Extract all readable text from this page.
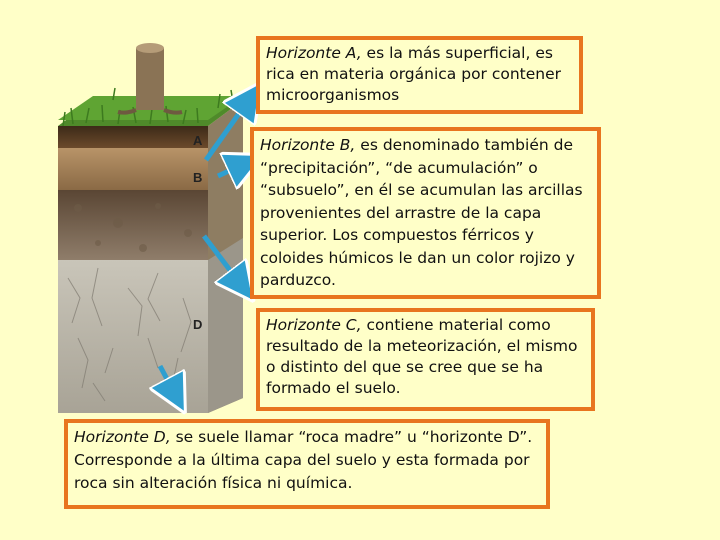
A
B
D
Horizonte A, es la más superficial, es rica en materia orgánica por contener microorganismos
Horizonte B, es denominado también de “precipitación”, “de acumulación” o “subsuelo”, en él se acumulan las arcillas provenientes del arrastre de la capa superior. Los compuestos férricos y coloides húmicos le dan un color rojizo y parduzco.
Horizonte C, contiene material como resultado de la meteorización, el mismo o distinto del que se cree que se ha formado el suelo.
Horizonte D, se suele llamar “roca madre” u “horizonte D”. Corresponde a la última capa del suelo y esta formada por roca sin alteración física ni química.
